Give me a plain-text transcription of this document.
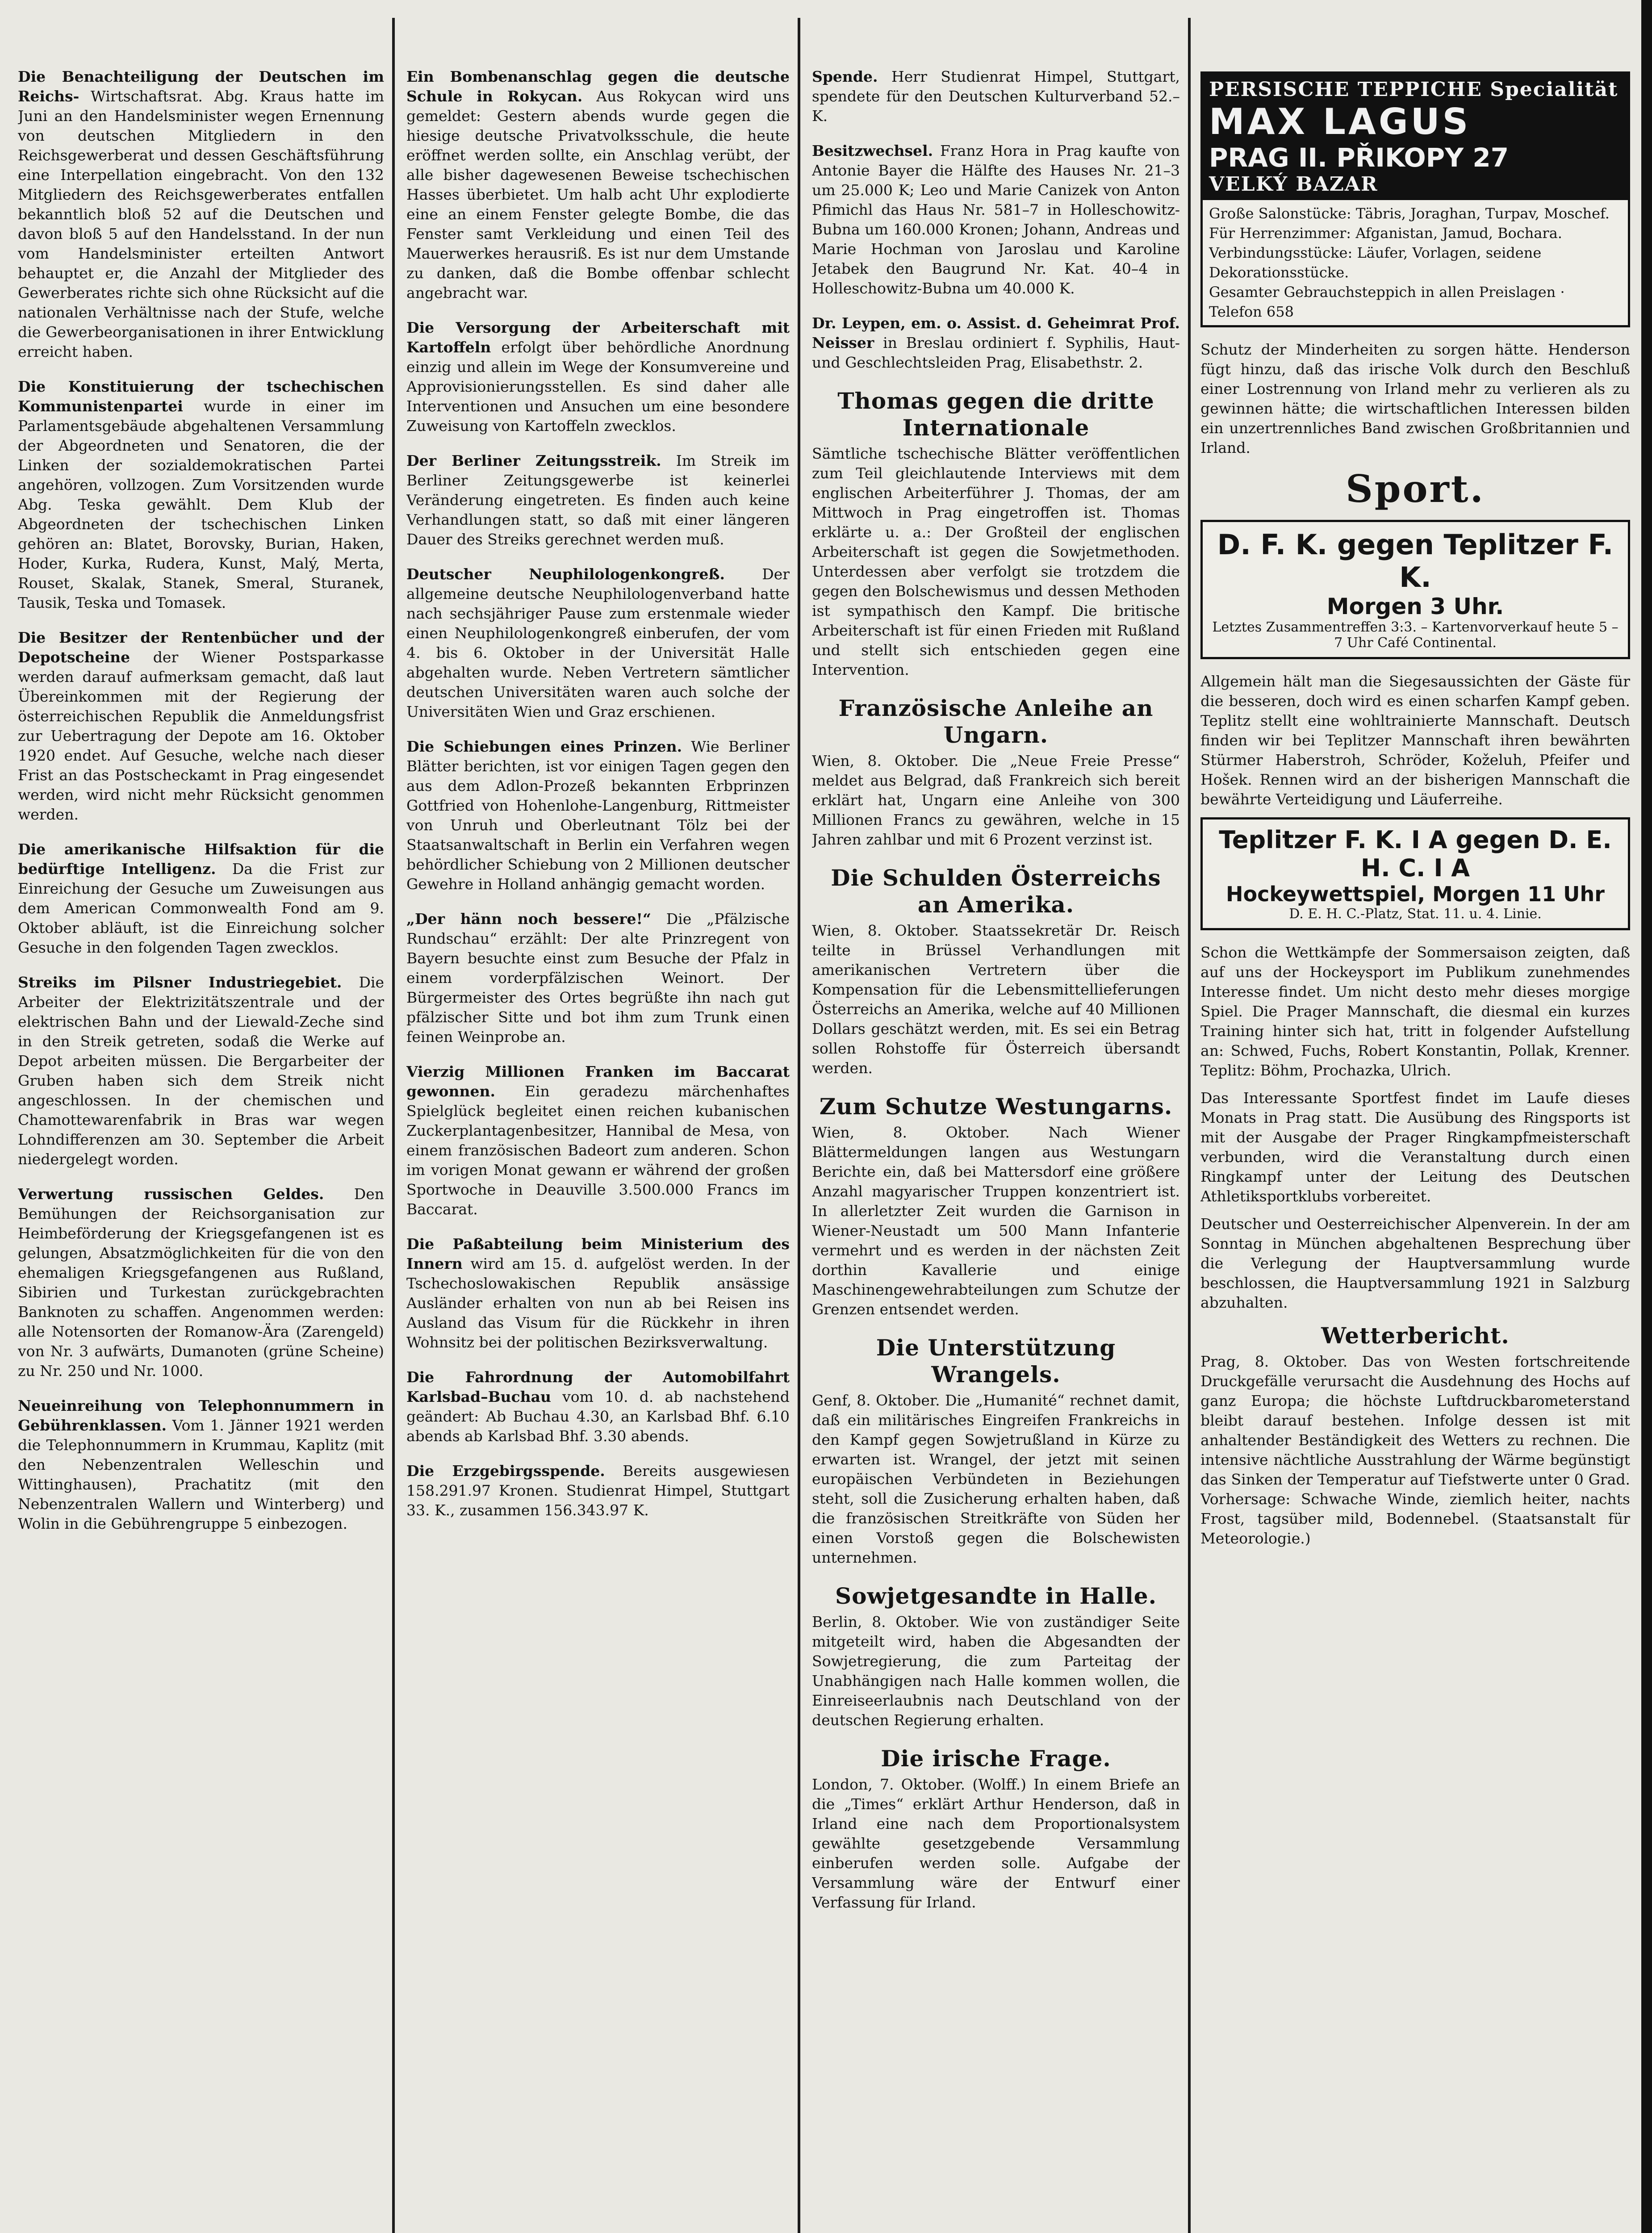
Die Benachteiligung der Deutschen im Reichs- Wirtschaftsrat. Abg. Kraus hatte im Juni an den Handelsminister wegen Ernennung von deutschen Mitgliedern in den Reichsgewerberat und dessen Geschäftsführung eine Interpellation eingebracht. Von den 132 Mitgliedern des Reichsgewerberates entfallen bekanntlich bloß 52 auf die Deutschen und davon bloß 5 auf den Handelsstand. In der nun vom Handelsminister erteilten Antwort behauptet er, die Anzahl der Mitglieder des Gewerberates richte sich ohne Rücksicht auf die nationalen Verhältnisse nach der Stufe, welche die Gewerbeorganisationen in ihrer Entwicklung erreicht haben.

Die Konstituierung der tschechischen Kommunistenpartei wurde in einer im Parlamentsgebäude abgehaltenen Versammlung der Abgeordneten und Senatoren, die der Linken der sozialdemokratischen Partei angehören, vollzogen. Zum Vorsitzenden wurde Abg. Teska gewählt. Dem Klub der Abgeordneten der tschechischen Linken gehören an: Blatet, Borovsky, Burian, Haken, Hoder, Kurka, Rudera, Kunst, Malý, Merta, Rouset, Skalak, Stanek, Smeral, Sturanek, Tausik, Teska und Tomasek.

Die Besitzer der Rentenbücher und der Depotscheine der Wiener Postsparkasse werden darauf aufmerksam gemacht, daß laut Übereinkommen mit der Regierung der österreichischen Republik die Anmeldungsfrist zur Uebertragung der Depote am 16. Oktober 1920 endet. Auf Gesuche, welche nach dieser Frist an das Postscheckamt in Prag eingesendet werden, wird nicht mehr Rücksicht genommen werden.

Die amerikanische Hilfsaktion für die bedürftige Intelligenz. Da die Frist zur Einreichung der Gesuche um Zuweisungen aus dem American Commonwealth Fond am 9. Oktober abläuft, ist die Einreichung solcher Gesuche in den folgenden Tagen zwecklos.

Streiks im Pilsner Industriegebiet. Die Arbeiter der Elektrizitätszentrale und der elektrischen Bahn und der Liewald-Zeche sind in den Streik getreten, sodaß die Werke auf Depot arbeiten müssen. Die Bergarbeiter der Gruben haben sich dem Streik nicht angeschlossen. In der chemischen und Chamottewarenfabrik in Bras war wegen Lohndifferenzen am 30. September die Arbeit niedergelegt worden.

Verwertung russischen Geldes. Den Bemühungen der Reichsorganisation zur Heimbeförderung der Kriegsgefangenen ist es gelungen, Absatzmöglichkeiten für die von den ehemaligen Kriegsgefangenen aus Rußland, Sibirien und Turkestan zurückgebrachten Banknoten zu schaffen. Angenommen werden: alle Notensorten der Romanow-Ära (Zarengeld) von Nr. 3 aufwärts, Dumanoten (grüne Scheine) zu Nr. 250 und Nr. 1000.

Neueinreihung von Telephonnummern in Gebührenklassen. Vom 1. Jänner 1921 werden die Telephonnummern in Krummau, Kaplitz (mit den Nebenzentralen Welleschin und Wittinghausen), Prachatitz (mit den Nebenzentralen Wallern und Winterberg) und Wolin in die Gebührengruppe 5 einbezogen.

Ein Bombenanschlag gegen die deutsche Schule in Rokycan. Aus Rokycan wird uns gemeldet: Gestern abends wurde gegen die hiesige deutsche Privatvolksschule, die heute eröffnet werden sollte, ein Anschlag verübt, der alle bisher dagewesenen Beweise tschechischen Hasses überbietet. Um halb acht Uhr explodierte eine an einem Fenster gelegte Bombe, die das Fenster samt Verkleidung und einen Teil des Mauerwerkes herausriß. Es ist nur dem Umstande zu danken, daß die Bombe offenbar schlecht angebracht war.

Die Versorgung der Arbeiterschaft mit Kartoffeln erfolgt über behördliche Anordnung einzig und allein im Wege der Konsumvereine und Approvisionierungsstellen. Es sind daher alle Interventionen und Ansuchen um eine besondere Zuweisung von Kartoffeln zwecklos.

Der Berliner Zeitungsstreik. Im Streik im Berliner Zeitungsgewerbe ist keinerlei Veränderung eingetreten. Es finden auch keine Verhandlungen statt, so daß mit einer längeren Dauer des Streiks gerechnet werden muß.

Deutscher Neuphilologenkongreß.	Der allgemeine deutsche Neuphilologenverband hatte nach sechsjähriger Pause zum erstenmale wieder einen Neuphilologenkongreß einberufen, der vom 4. bis 6. Oktober in der Universität Halle abgehalten wurde. Neben Vertretern sämtlicher deutschen Universitäten waren auch solche der Universitäten Wien und Graz erschienen.

Die Schiebungen eines Prinzen. Wie Berliner Blätter berichten, ist vor einigen Tagen gegen den aus dem Adlon-Prozeß bekannten Erbprinzen Gottfried von Hohenlohe-Langenburg, Rittmeister von Unruh und Oberleutnant Tölz bei der Staatsanwaltschaft in Berlin ein Verfahren wegen behördlicher Schiebung von 2 Millionen deutscher Gewehre in Holland anhängig gemacht worden.

„Der hänn noch bessere!“ Die „Pfälzische Rundschau“ erzählt: Der alte Prinzregent von Bayern besuchte einst zum Besuche der Pfalz in einem vorderpfälzischen Weinort. Der Bürgermeister des Ortes begrüßte ihn nach gut pfälzischer Sitte und bot ihm zum Trunk einen feinen Weinprobe an.

Vierzig Millionen Franken im Baccarat gewonnen. Ein geradezu märchenhaftes Spielglück begleitet einen reichen kubanischen Zuckerplantagenbesitzer, Hannibal de Mesa, von einem französischen Badeort zum anderen. Schon im vorigen Monat gewann er während der großen Sportwoche in Deauville 3.500.000 Francs im Baccarat.

Die Paßabteilung beim Ministerium des Innern wird am 15. d. aufgelöst werden. In der Tschechoslowakischen Republik ansässige Ausländer erhalten von nun ab bei Reisen ins Ausland das Visum für die Rückkehr in ihren Wohnsitz bei der politischen Bezirksverwaltung.

Die Fahrordnung der Automobilfahrt Karlsbad–Buchau vom 10. d. ab nachstehend geändert: Ab Buchau 4.30, an Karlsbad Bhf. 6.10 abends ab Karlsbad Bhf. 3.30 abends.

Die Erzgebirgsspende. Bereits ausgewiesen 158.291.97 Kronen. Studienrat Himpel, Stuttgart 33. K., zusammen 156.343.97 K.

Spende. Herr Studienrat Himpel, Stuttgart, spendete für den Deutschen Kulturverband 52.– K.

Besitzwechsel. Franz Hora in Prag kaufte von Antonie Bayer die Hälfte des Hauses Nr. 21–3 um 25.000 K; Leo und Marie Canizek von Anton Pfimichl das Haus Nr. 581–7 in Holleschowitz-Bubna um 160.000 Kronen; Johann, Andreas und Marie Hochman von Jaroslau und Karoline Jetabek den Baugrund Nr. Kat. 40–4 in Holleschowitz-Bubna um 40.000 K.

Dr. Leypen, em. o. Assist. d. Geheimrat Prof. Neisser in Breslau ordiniert f. Syphilis, Haut- und Geschlechtsleiden Prag, Elisabethstr. 2.

Thomas gegen die dritte Internationale

Sämtliche tschechische Blätter veröffentlichen zum Teil gleichlautende Interviews mit dem englischen Arbeiterführer J. Thomas, der am Mittwoch in Prag eingetroffen ist. Thomas erklärte u. a.: Der Großteil der englischen Arbeiterschaft ist gegen die Sowjetmethoden. Unterdessen aber verfolgt sie trotzdem die gegen den Bolschewismus und dessen Methoden ist sympathisch den Kampf. Die britische Arbeiterschaft ist für einen Frieden mit Rußland und stellt sich entschieden gegen eine Intervention.

Französische Anleihe an Ungarn.

Wien, 8. Oktober. Die „Neue Freie Presse“ meldet aus Belgrad, daß Frankreich sich bereit erklärt hat, Ungarn eine Anleihe von 300 Millionen Francs zu gewähren, welche in 15 Jahren zahlbar und mit 6 Prozent verzinst ist.

Die Schulden Österreichs an Amerika.

Wien, 8. Oktober. Staatssekretär Dr. Reisch teilte in Brüssel Verhandlungen mit amerikanischen Vertretern über die Kompensation für die Lebensmittellieferungen Österreichs an Amerika, welche auf 40 Millionen Dollars geschätzt werden, mit. Es sei ein Betrag sollen Rohstoffe für Österreich übersandt werden.

Zum Schutze Westungarns.

Wien, 8. Oktober. Nach Wiener Blättermeldungen langen aus Westungarn Berichte ein, daß bei Mattersdorf eine größere Anzahl magyarischer Truppen konzentriert ist. In allerletzter Zeit wurden die Garnison in Wiener-Neustadt um 500 Mann Infanterie vermehrt und es werden in der nächsten Zeit dorthin Kavallerie und einige Maschinengewehrabteilungen zum Schutze der Grenzen entsendet werden.

Die Unterstützung Wrangels.

Genf, 8. Oktober. Die „Humanité“ rechnet damit, daß ein militärisches Eingreifen Frankreichs in den Kampf gegen Sowjetrußland in Kürze zu erwarten ist. Wrangel, der jetzt mit seinen europäischen Verbündeten in Beziehungen steht, soll die Zusicherung erhalten haben, daß die französischen Streitkräfte von Süden her einen Vorstoß gegen die Bolschewisten unternehmen.

Sowjetgesandte in Halle.

Berlin, 8. Oktober. Wie von zuständiger Seite mitgeteilt wird, haben die Abgesandten der Sowjetregierung, die zum Parteitag der Unabhängigen nach Halle kommen wollen, die Einreiseerlaubnis nach Deutschland von der deutschen Regierung erhalten.

Die irische Frage.

London, 7. Oktober. (Wolff.) In einem Briefe an die „Times“ erklärt Arthur Henderson, daß in Irland eine nach dem Proportionalsystem gewählte gesetzgebende Versammlung einberufen werden solle. Aufgabe der Versammlung wäre der Entwurf einer Verfassung für Irland.

PERSISCHE TEPPICHE Specialität
MAX LAGUS
PRAG II. PŘIKOPY 27
VELKÝ BAZAR
Große Salonstücke: Täbris, Joraghan, Turpav, Moschef.
Für Herrenzimmer: Afganistan, Jamud, Bochara.
Verbindungsstücke: Läufer, Vorlagen, seidene Dekorationsstücke.
Gesamter Gebrauchsteppich in allen Preislagen · Telefon 658

Schutz der Minderheiten zu sorgen hätte. Henderson fügt hinzu, daß das irische Volk durch den Beschluß einer Lostrennung von Irland mehr zu verlieren als zu gewinnen hätte; die wirtschaftlichen Interessen bilden ein unzertrennliches Band zwischen Großbritannien und Irland.

Sport.
D. F. K. gegen Teplitzer F. K.
Morgen 3 Uhr.
Letztes Zusammentreffen 3:3. – Kartenvorverkauf heute 5 – 7 Uhr Café Continental.

Allgemein hält man die Siegesaussichten der Gäste für die besseren, doch wird es einen scharfen Kampf geben. Teplitz stellt eine wohltrainierte Mannschaft. Deutsch finden wir bei Teplitzer Mannschaft ihren bewährten Stürmer Haberstroh, Schröder, Koželuh, Pfeifer und Hošek. Rennen wird an der bisherigen Mannschaft die bewährte Verteidigung und Läuferreihe.

Teplitzer F. K. I A gegen D. E. H. C. I A
Hockeywettspiel, Morgen 11 Uhr
D. E. H. C.-Platz, Stat. 11. u. 4. Linie.

Schon die Wettkämpfe der Sommersaison zeigten, daß auf uns der Hockeysport im Publikum zunehmendes Interesse findet. Um nicht desto mehr dieses morgige Spiel. Die Prager Mannschaft, die diesmal ein kurzes Training hinter sich hat, tritt in folgender Aufstellung an: Schwed, Fuchs, Robert Konstantin, Pollak, Krenner. Teplitz: Böhm, Prochazka, Ulrich.

Das Interessante Sportfest findet im Laufe dieses Monats in Prag statt. Die Ausübung des Ringsports ist mit der Ausgabe der Prager Ringkampfmeisterschaft verbunden, wird die Veranstaltung durch einen Ringkampf unter der Leitung des Deutschen Athletiksportklubs vorbereitet.

Deutscher und Oesterreichischer Alpenverein. In der am Sonntag in München abgehaltenen Besprechung über die Verlegung der Hauptversammlung wurde beschlossen, die Hauptversammlung 1921 in Salzburg abzuhalten.

Wetterbericht.

Prag, 8. Oktober. Das von Westen fortschreitende Druckgefälle verursacht die Ausdehnung des Hochs auf ganz Europa; die höchste Luftdruckbarometerstand bleibt darauf bestehen. Infolge dessen ist mit anhaltender Beständigkeit des Wetters zu rechnen. Die intensive nächtliche Ausstrahlung der Wärme begünstigt das Sinken der Temperatur auf Tiefstwerte unter 0 Grad. Vorhersage: Schwache Winde, ziemlich heiter, nachts Frost, tagsüber mild, Bodennebel. (Staatsanstalt für Meteorologie.)
